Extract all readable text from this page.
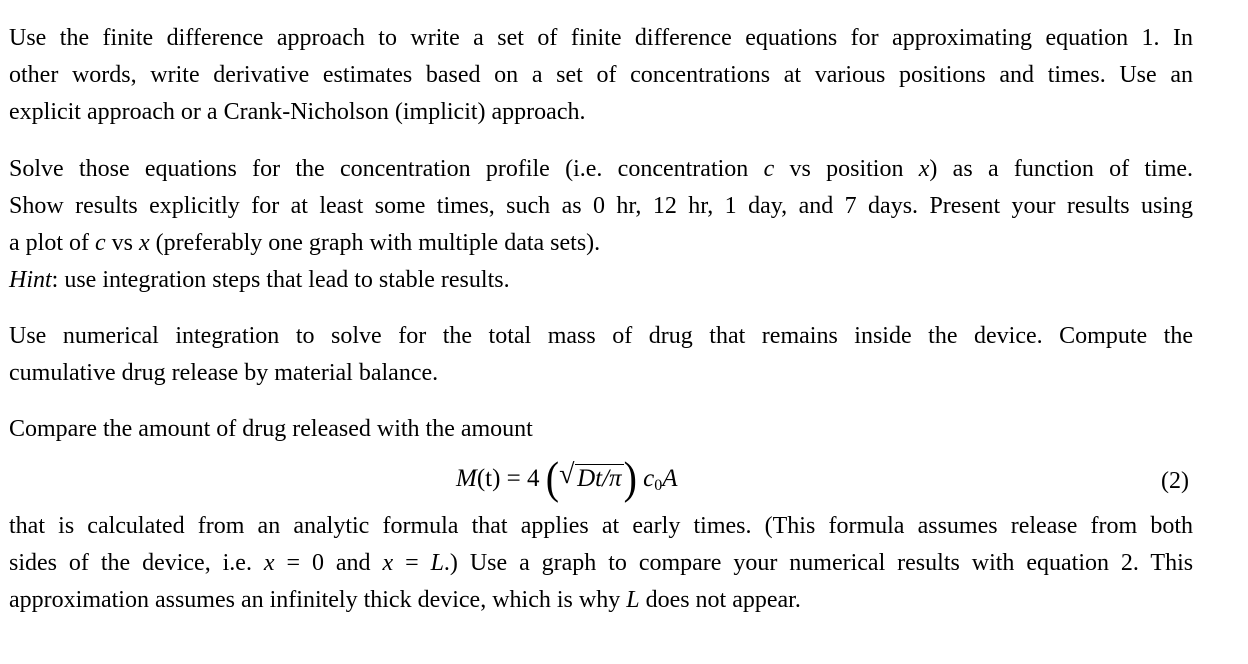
Use the finite difference approach to write a set of finite difference equations for approximating equation 1. In
other words, write derivative estimates based on a set of concentrations at various positions and times. Use an
explicit approach or a Crank-Nicholson (implicit) approach.
Solve those equations for the concentration profile (i.e. concentration c vs position x) as a function of time.
Show results explicitly for at least some times, such as 0 hr, 12 hr, 1 day, and 7 days. Present your results using
a plot of c vs x (preferably one graph with multiple data sets).
Hint: use integration steps that lead to stable results.
Use numerical integration to solve for the total mass of drug that remains inside the device. Compute the
cumulative drug release by material balance.
Compare the amount of drug released with the amount
M(t) = 4 ( √ Dt/π) $c_0A$	(2)
that is calculated from an analytic formula that applies at early times. (This formula assumes release from both
sides of the device, i.e. x = 0 and x = L.) Use a graph to compare your numerical results with equation 2. This
approximation assumes an infinitely thick device, which is why L does not appear.
